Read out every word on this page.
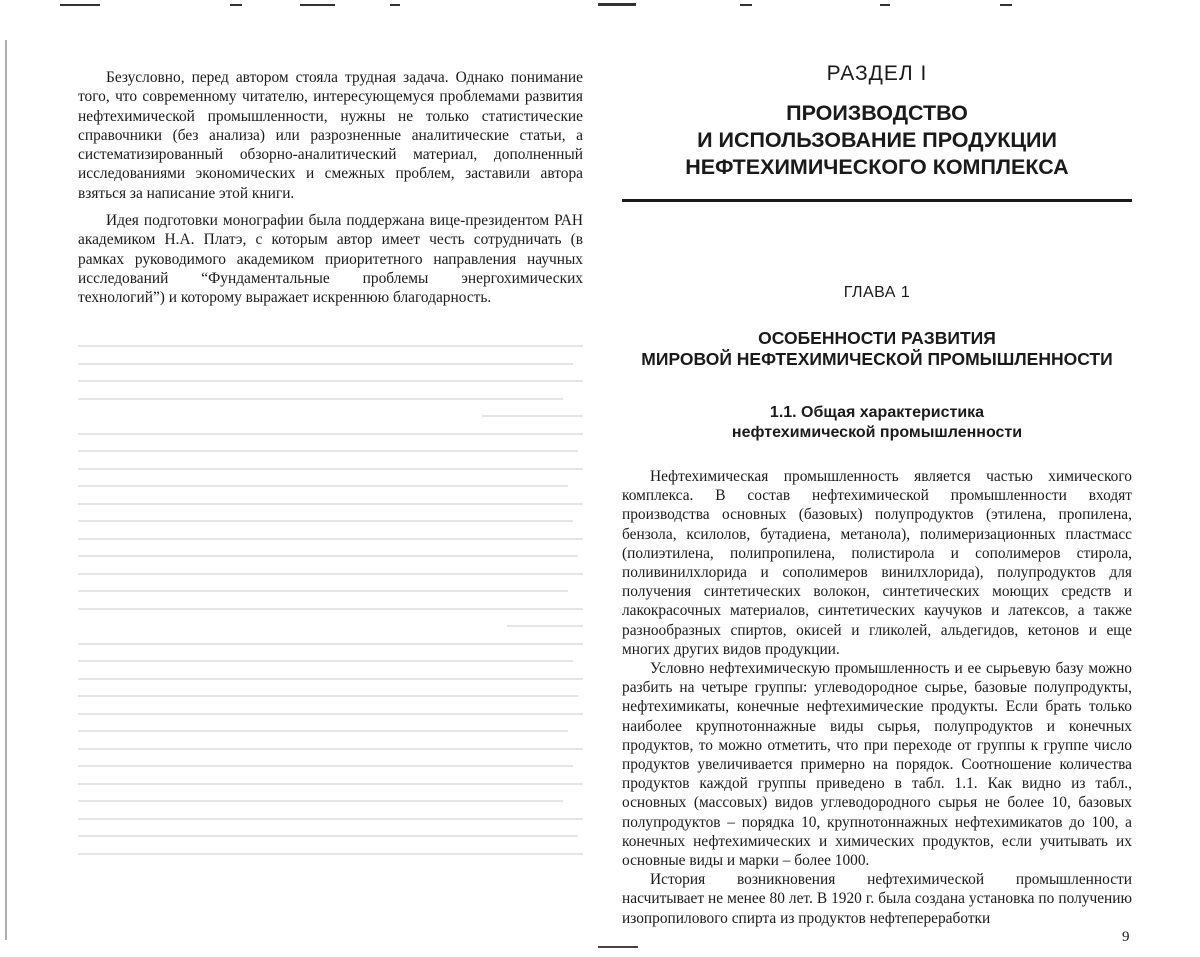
Безусловно, перед автором стояла трудная задача. Однако понимание того, что современному читателю, интересующемуся проблемами развития нефтехимической промышленности, нужны не только статистические справочники (без анализа) или разрозненные аналитические статьи, а систематизированный обзорно-аналитический материал, дополненный исследованиями экономических и смежных проблем, заставили автора взяться за написание этой книги.

Идея подготовки монографии была поддержана вице-президентом РАН академиком Н.А. Платэ, с которым автор имеет честь сотрудничать (в рамках руководимого академиком приоритетного направления научных исследований “Фундаментальные проблемы энергохимических технологий”) и которому выражает искреннюю благодарность.

РАЗДЕЛ I

ПРОИЗВОДСТВО

И ИСПОЛЬЗОВАНИЕ ПРОДУКЦИИ

НЕФТЕХИМИЧЕСКОГО КОМПЛЕКСА

ГЛАВА 1
ОСОБЕННОСТИ РАЗВИТИЯ
МИРОВОЙ НЕФТЕХИМИЧЕСКОЙ ПРОМЫШЛЕННОСТИ
1.1. Общая характеристика
нефтехимической промышленности

Нефтехимическая промышленность является частью химического комплекса. В состав нефтехимической промышленности входят производства основных (базовых) полупродуктов (этилена, пропилена, бензола, ксилолов, бутадиена, метанола), полимеризационных пластмасс (полиэтилена, полипропилена, полистирола и сополимеров стирола, поливинилхлорида и сополимеров винилхлорида), полупродуктов для получения синтетических волокон, синтетических моющих средств и лакокрасочных материалов, синтетических каучуков и латексов, а также разнообразных спиртов, окисей и гликолей, альдегидов, кетонов и еще многих других видов продукции.

Условно нефтехимическую промышленность и ее сырьевую базу можно разбить на четыре группы: углеводородное сырье, базовые полупродукты, нефтехимикаты, конечные нефтехимические продукты. Если брать только наиболее крупнотоннажные виды сырья, полупродуктов и конечных продуктов, то можно отметить, что при переходе от группы к группе число продуктов увеличивается примерно на порядок. Соотношение количества продуктов каждой группы приведено в табл. 1.1. Как видно из табл., основных (массовых) видов углеводородного сырья не более 10, базовых полупродуктов – порядка 10, крупнотоннажных нефтехимикатов до 100, а конечных нефтехимических и химических продуктов, если учитывать их основные виды и марки – более 1000.

История возникновения нефтехимической промышленности насчитывает не менее 80 лет. В 1920 г. была создана установка по получению изопропилового спирта из продуктов нефтепереработки

9
